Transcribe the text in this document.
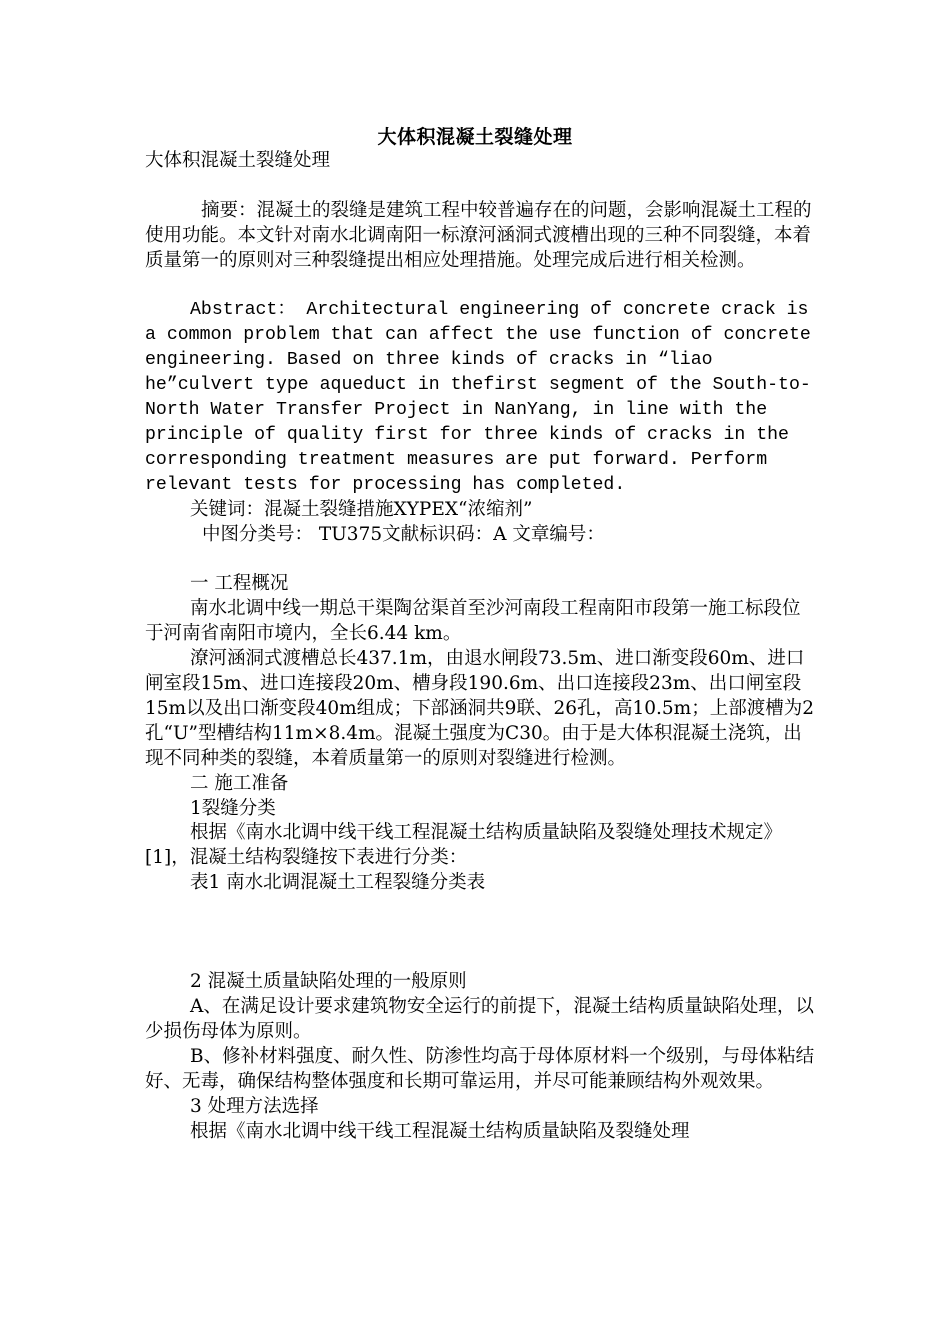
大体积混凝土裂缝处理

大体积混凝土裂缝处理

摘要：混凝土的裂缝是建筑工程中较普遍存在的问题，会影响混凝土工程的使用功能。本文针对南水北调南阳一标潦河涵洞式渡槽出现的三种不同裂缝，本着质量第一的原则对三种裂缝提出相应处理措施。处理完成后进行相关检测。

Abstract： Architectural engineering of concrete crack is a common problem that can affect the use function of concrete engineering. Based on three kinds of cracks in “liao he”culvert type aqueduct in thefirst segment of the South-to-North Water Transfer Project in NanYang, in line with the principle of quality first for three kinds of cracks in the corresponding treatment measures are put forward. Perform relevant tests for processing has completed.

关键词：混凝土裂缝措施XYPEX“浓缩剂”

中图分类号： TU375文献标识码：A 文章编号：

一 工程概况

南水北调中线一期总干渠陶岔渠首至沙河南段工程南阳市段第一施工标段位于河南省南阳市境内，全长6.44 km。

潦河涵洞式渡槽总长437.1m，由退水闸段73.5m、进口渐变段60m、进口闸室段15m、进口连接段20m、槽身段190.6m、出口连接段23m、出口闸室段15m以及出口渐变段40m组成；下部涵洞共9联、26孔，高10.5m；上部渡槽为2孔“U”型槽结构11m×8.4m。混凝土强度为C30。由于是大体积混凝土浇筑，出现不同种类的裂缝，本着质量第一的原则对裂缝进行检测。

二 施工准备

1裂缝分类

根据《南水北调中线干线工程混凝土结构质量缺陷及裂缝处理技术规定》[1]，混凝土结构裂缝按下表进行分类：

表1 南水北调混凝土工程裂缝分类表

2 混凝土质量缺陷处理的一般原则

A、在满足设计要求建筑物安全运行的前提下，混凝土结构质量缺陷处理，以少损伤母体为原则。

B、修补材料强度、耐久性、防渗性均高于母体原材料一个级别，与母体粘结好、无毒，确保结构整体强度和长期可靠运用，并尽可能兼顾结构外观效果。

3 处理方法选择

根据《南水北调中线干线工程混凝土结构质量缺陷及裂缝处理
